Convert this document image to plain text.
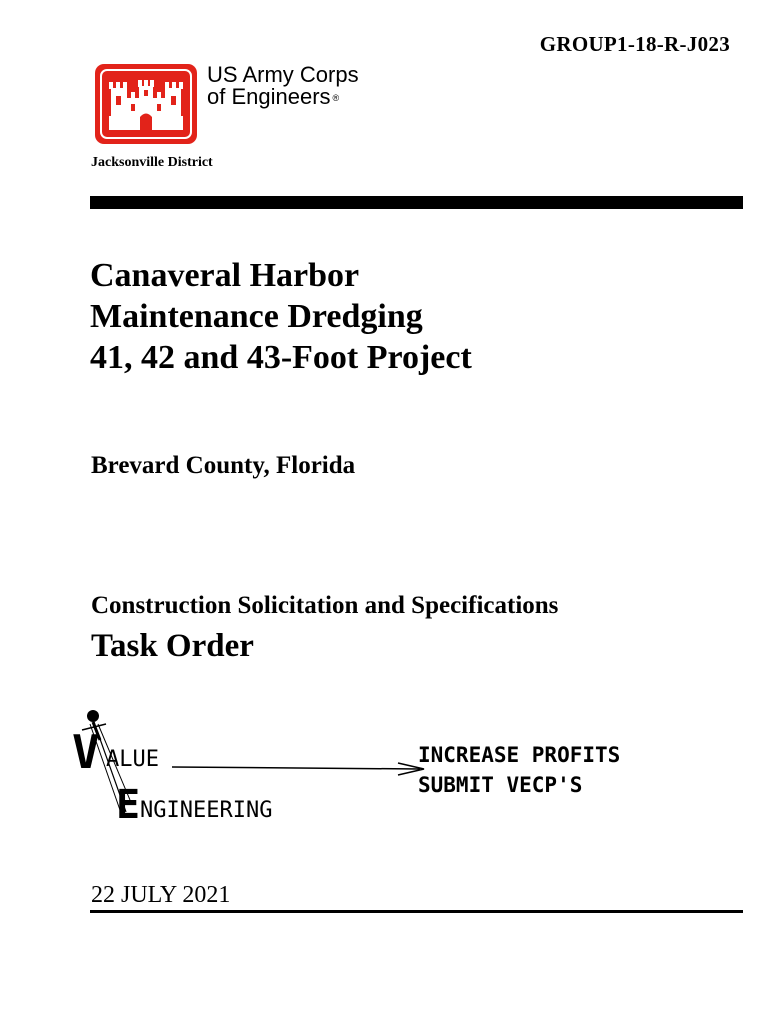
GROUP1-18-R-J023
US Army Corps
of Engineers ®
Jacksonville District
Canaveral Harbor
Maintenance Dredging
41, 42 and 43-Foot Project
Brevard County, Florida
Construction Solicitation and Specifications
Task Order
V ALUE
E NGINEERING
INCREASE PROFITS
SUBMIT VECP'S
22 JULY 2021
